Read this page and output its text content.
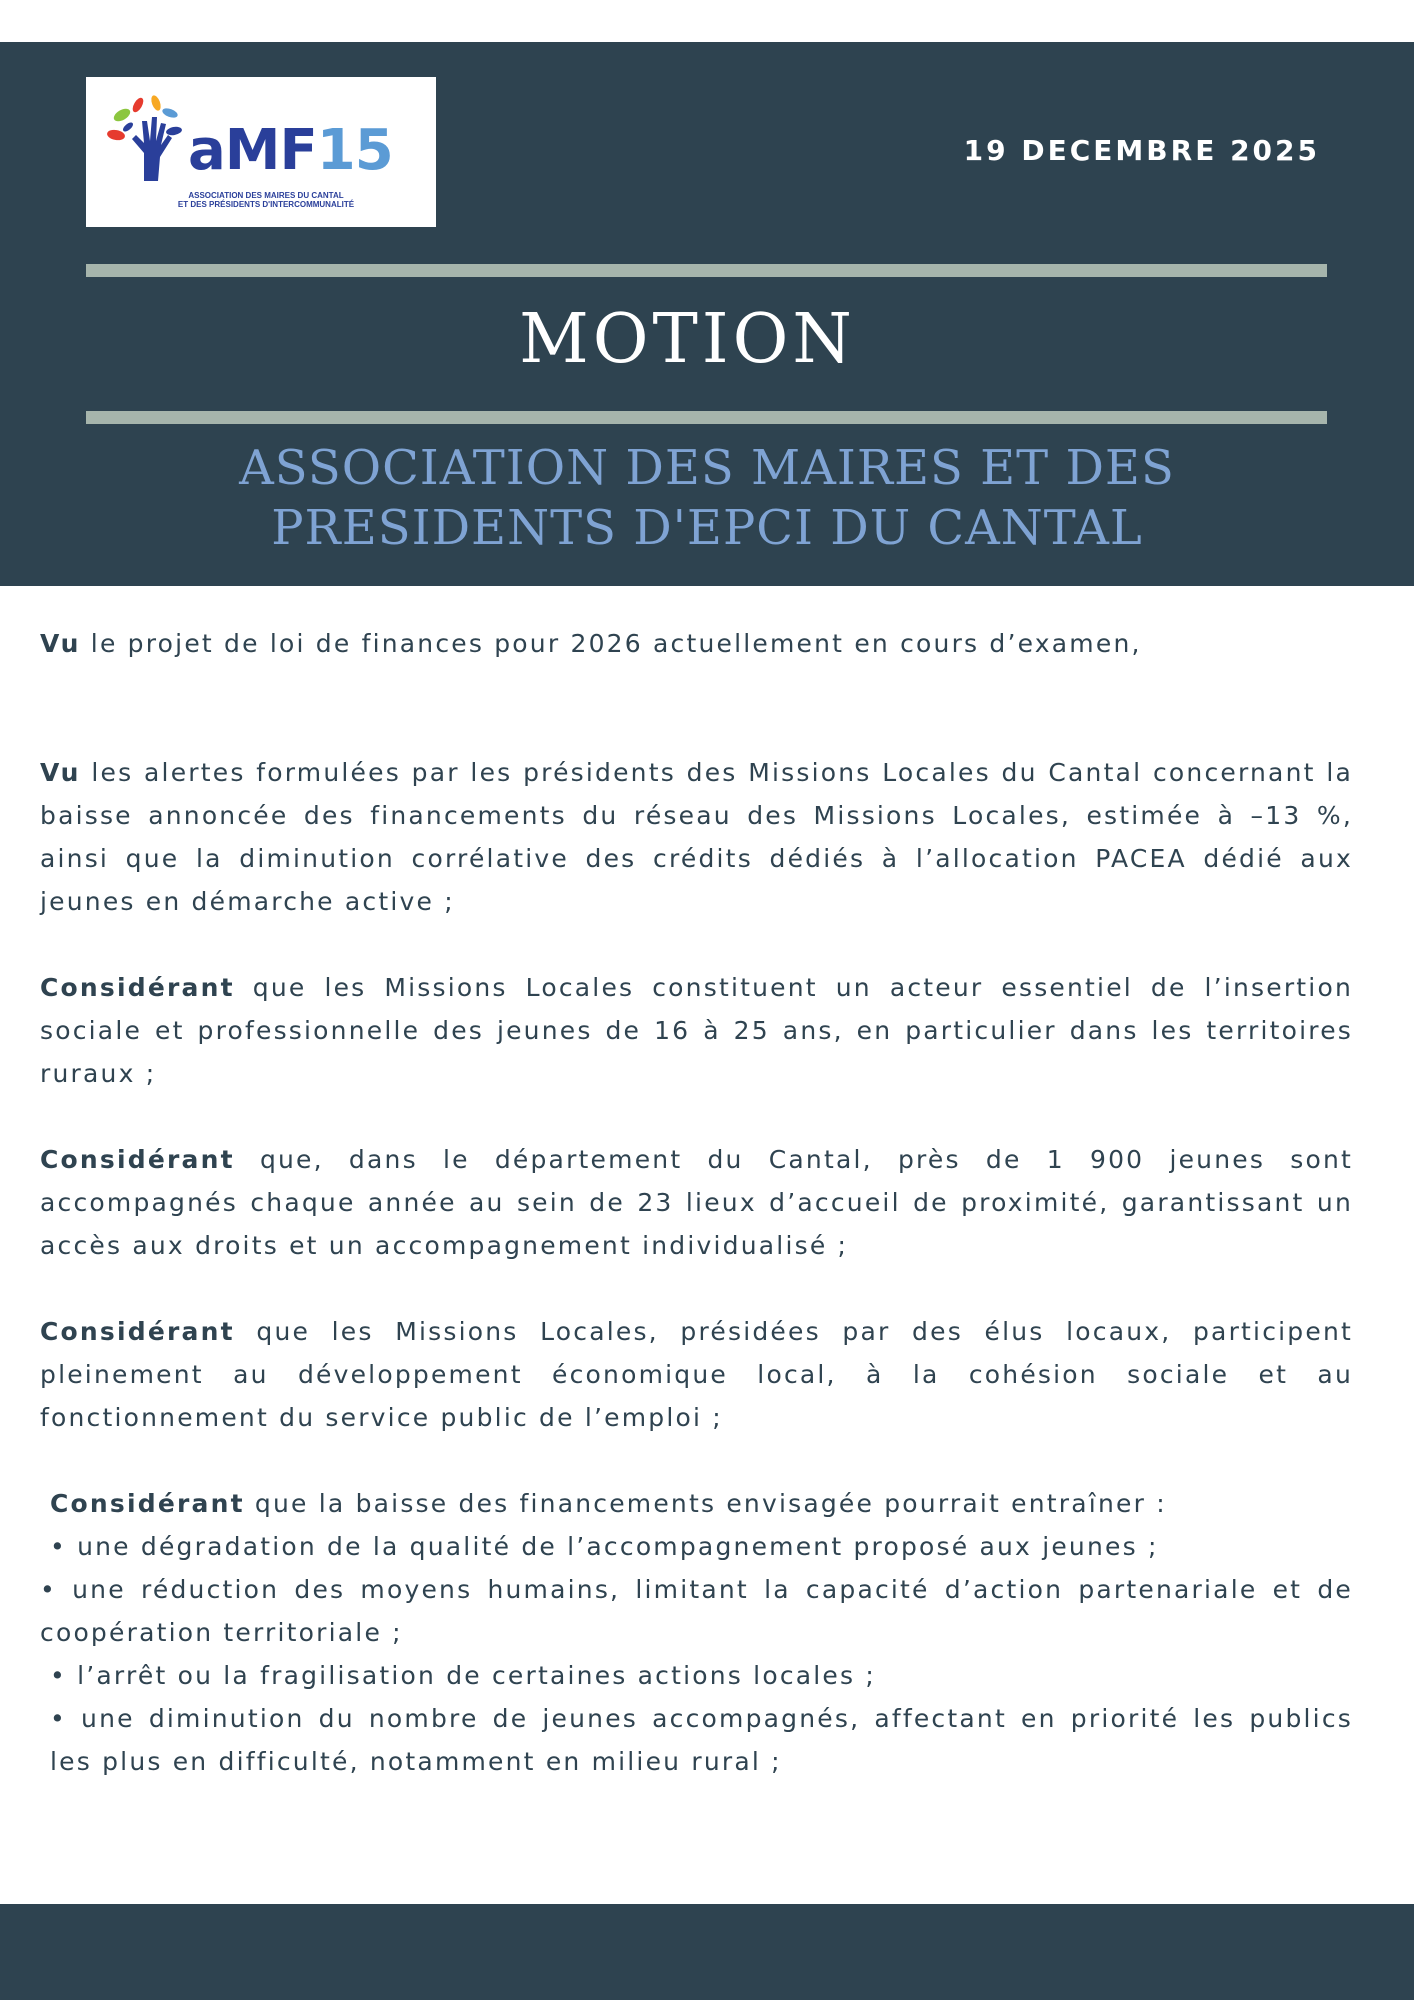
aMF15
ASSOCIATION DES MAIRES DU CANTAL
ET DES PRÉSIDENTS D'INTERCOMMUNALITÉ
19 DECEMBRE 2025
MOTION
ASSOCIATION DES MAIRES ET DES
PRESIDENTS D'EPCI DU CANTAL

Vu le projet de loi de finances pour 2026 actuellement en cours d’examen,

Vu les alertes formulées par les présidents des Missions Locales du Cantal concernant la baisse annoncée des financements du réseau des Missions Locales, estimée à –13 %, ainsi que la diminution corrélative des crédits dédiés à l’allocation PACEA dédié aux jeunes en démarche active ;

Considérant que les Missions Locales constituent un acteur essentiel de l’insertion sociale et professionnelle des jeunes de 16 à 25 ans, en particulier dans les territoires ruraux ;

Considérant que, dans le département du Cantal, près de 1 900 jeunes sont accompagnés chaque année au sein de 23 lieux d’accueil de proximité, garantissant un accès aux droits et un accompagnement individualisé ;

Considérant que les Missions Locales, présidées par des élus locaux, participent pleinement au développement économique local, à la cohésion sociale et au fonctionnement du service public de l’emploi ;

Considérant que la baisse des financements envisagée pourrait entraîner :
• une dégradation de la qualité de l’accompagnement proposé aux jeunes ;
• une réduction des moyens humains, limitant la capacité d’action partenariale et de coopération territoriale ;
• l’arrêt ou la fragilisation de certaines actions locales ;
• une diminution du nombre de jeunes accompagnés, affectant en priorité les publics les plus en difficulté, notamment en milieu rural ;
